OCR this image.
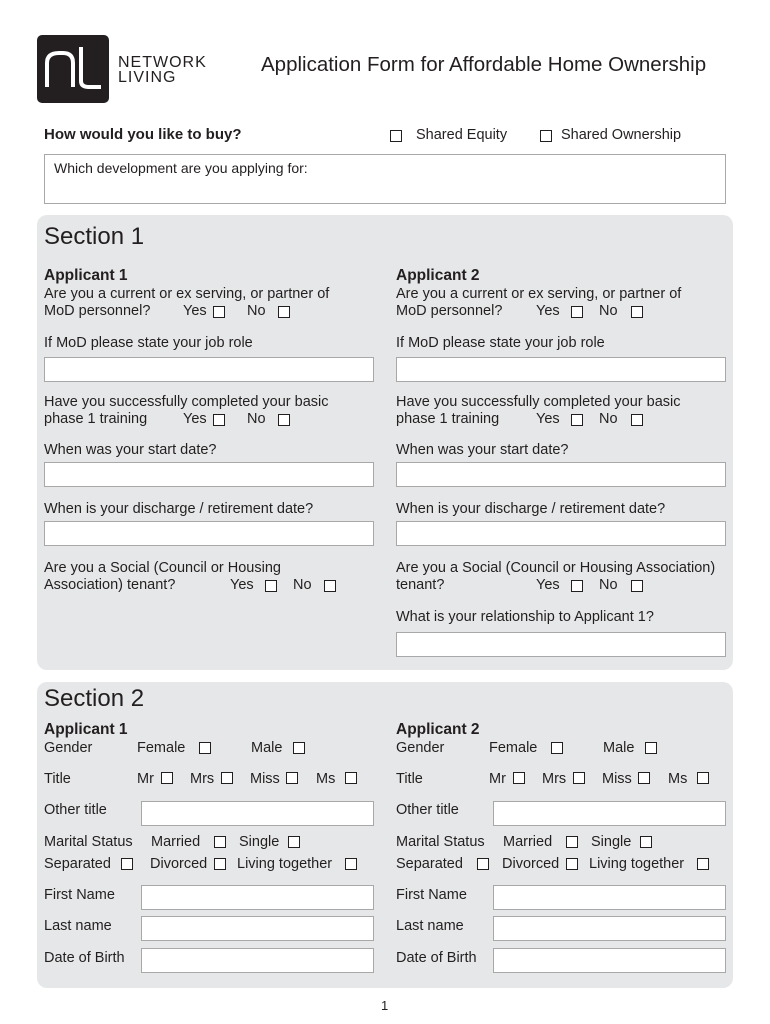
NETWORK
LIVING
Application Form for Affordable Home Ownership
How would you like to buy?	Shared Equity	Shared Ownership
Which development are you applying for:
Section 1
Applicant 1
Are you a current or ex serving, or partner of
MoD personnel? Yes	No
If MoD please state your job role
Have you successfully completed your basic
phase 1 training Yes	No
When was your start date?
When is your discharge / retirement date?
Are you a Social (Council or Housing
Association) tenant?	Yes	No
Applicant 2
Are you a current or ex serving, or partner of
MoD personnel? Yes	No
If MoD please state your job role
Have you successfully completed your basic
phase 1 training	Yes	No
When was your start date?
When is your discharge / retirement date?
Are you a Social (Council or Housing Association)
tenant?	Yes	No
What is your relationship to Applicant 1?
Section 2
Applicant 1
Gender	Female	Male
Title	Mr Mrs Miss Ms
Other title
Marital Status Married	Single
Separated	Divorced Living together
First Name
Last name
Date of Birth
Applicant 2
Gender	Female	Male
Title	Mr Mrs Miss Ms
Other title
Marital Status Married	Single
Separated	Divorced Living together
First Name
Last name
Date of Birth
1
